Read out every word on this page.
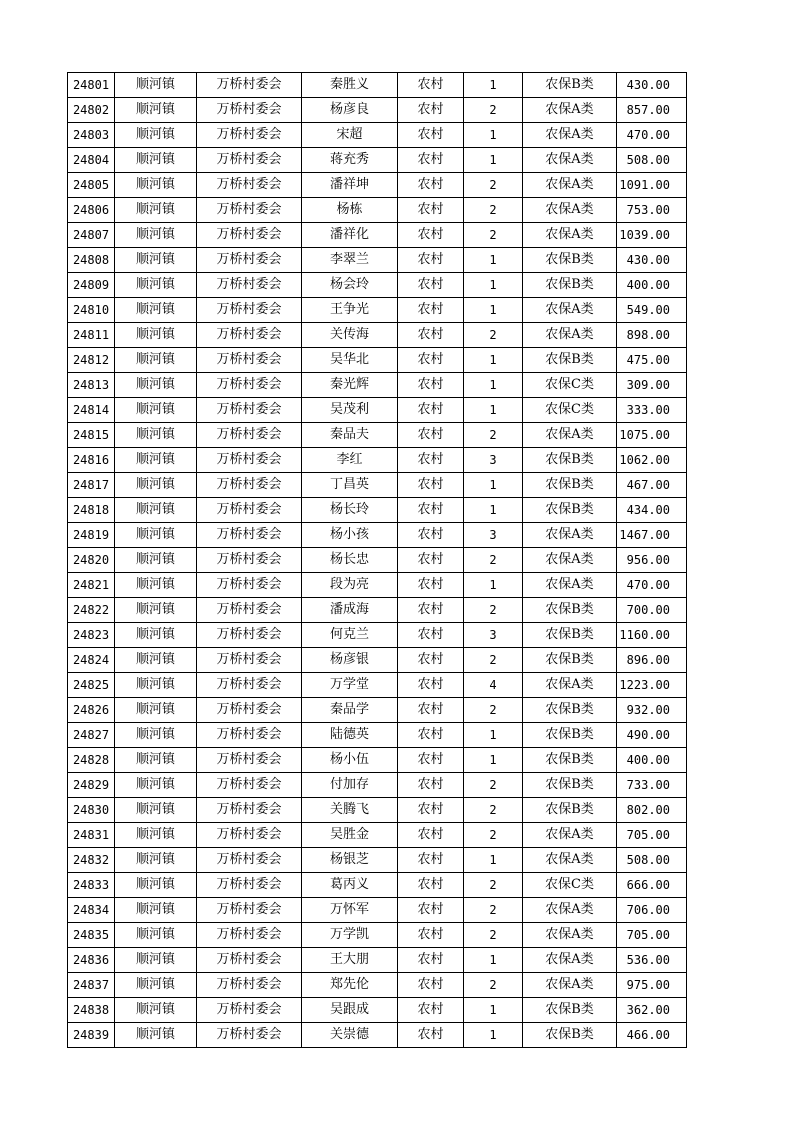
24801	顺河镇	万桥村委会	秦胜义	农村	1	农保B类	430.00
24802	顺河镇	万桥村委会	杨彦良	农村	2	农保A类	857.00
24803	顺河镇	万桥村委会	宋超	农村	1	农保A类	470.00
24804	顺河镇	万桥村委会	蒋充秀	农村	1	农保A类	508.00
24805	顺河镇	万桥村委会	潘祥坤	农村	2	农保A类	1091.00
24806	顺河镇	万桥村委会	杨栋	农村	2	农保A类	753.00
24807	顺河镇	万桥村委会	潘祥化	农村	2	农保A类	1039.00
24808	顺河镇	万桥村委会	李翠兰	农村	1	农保B类	430.00
24809	顺河镇	万桥村委会	杨会玲	农村	1	农保B类	400.00
24810	顺河镇	万桥村委会	王争光	农村	1	农保A类	549.00
24811	顺河镇	万桥村委会	关传海	农村	2	农保A类	898.00
24812	顺河镇	万桥村委会	吴华北	农村	1	农保B类	475.00
24813	顺河镇	万桥村委会	秦光辉	农村	1	农保C类	309.00
24814	顺河镇	万桥村委会	吴茂利	农村	1	农保C类	333.00
24815	顺河镇	万桥村委会	秦品夫	农村	2	农保A类	1075.00
24816	顺河镇	万桥村委会	李红	农村	3	农保B类	1062.00
24817	顺河镇	万桥村委会	丁昌英	农村	1	农保B类	467.00
24818	顺河镇	万桥村委会	杨长玲	农村	1	农保B类	434.00
24819	顺河镇	万桥村委会	杨小孩	农村	3	农保A类	1467.00
24820	顺河镇	万桥村委会	杨长忠	农村	2	农保A类	956.00
24821	顺河镇	万桥村委会	段为亮	农村	1	农保A类	470.00
24822	顺河镇	万桥村委会	潘成海	农村	2	农保B类	700.00
24823	顺河镇	万桥村委会	何克兰	农村	3	农保B类	1160.00
24824	顺河镇	万桥村委会	杨彦银	农村	2	农保B类	896.00
24825	顺河镇	万桥村委会	万学堂	农村	4	农保A类	1223.00
24826	顺河镇	万桥村委会	秦品学	农村	2	农保B类	932.00
24827	顺河镇	万桥村委会	陆德英	农村	1	农保B类	490.00
24828	顺河镇	万桥村委会	杨小伍	农村	1	农保B类	400.00
24829	顺河镇	万桥村委会	付加存	农村	2	农保B类	733.00
24830	顺河镇	万桥村委会	关腾飞	农村	2	农保B类	802.00
24831	顺河镇	万桥村委会	吴胜金	农村	2	农保A类	705.00
24832	顺河镇	万桥村委会	杨银芝	农村	1	农保A类	508.00
24833	顺河镇	万桥村委会	葛丙义	农村	2	农保C类	666.00
24834	顺河镇	万桥村委会	万怀军	农村	2	农保A类	706.00
24835	顺河镇	万桥村委会	万学凯	农村	2	农保A类	705.00
24836	顺河镇	万桥村委会	王大朋	农村	1	农保A类	536.00
24837	顺河镇	万桥村委会	郑先伦	农村	2	农保A类	975.00
24838	顺河镇	万桥村委会	吴跟成	农村	1	农保B类	362.00
24839	顺河镇	万桥村委会	关崇德	农村	1	农保B类	466.00
